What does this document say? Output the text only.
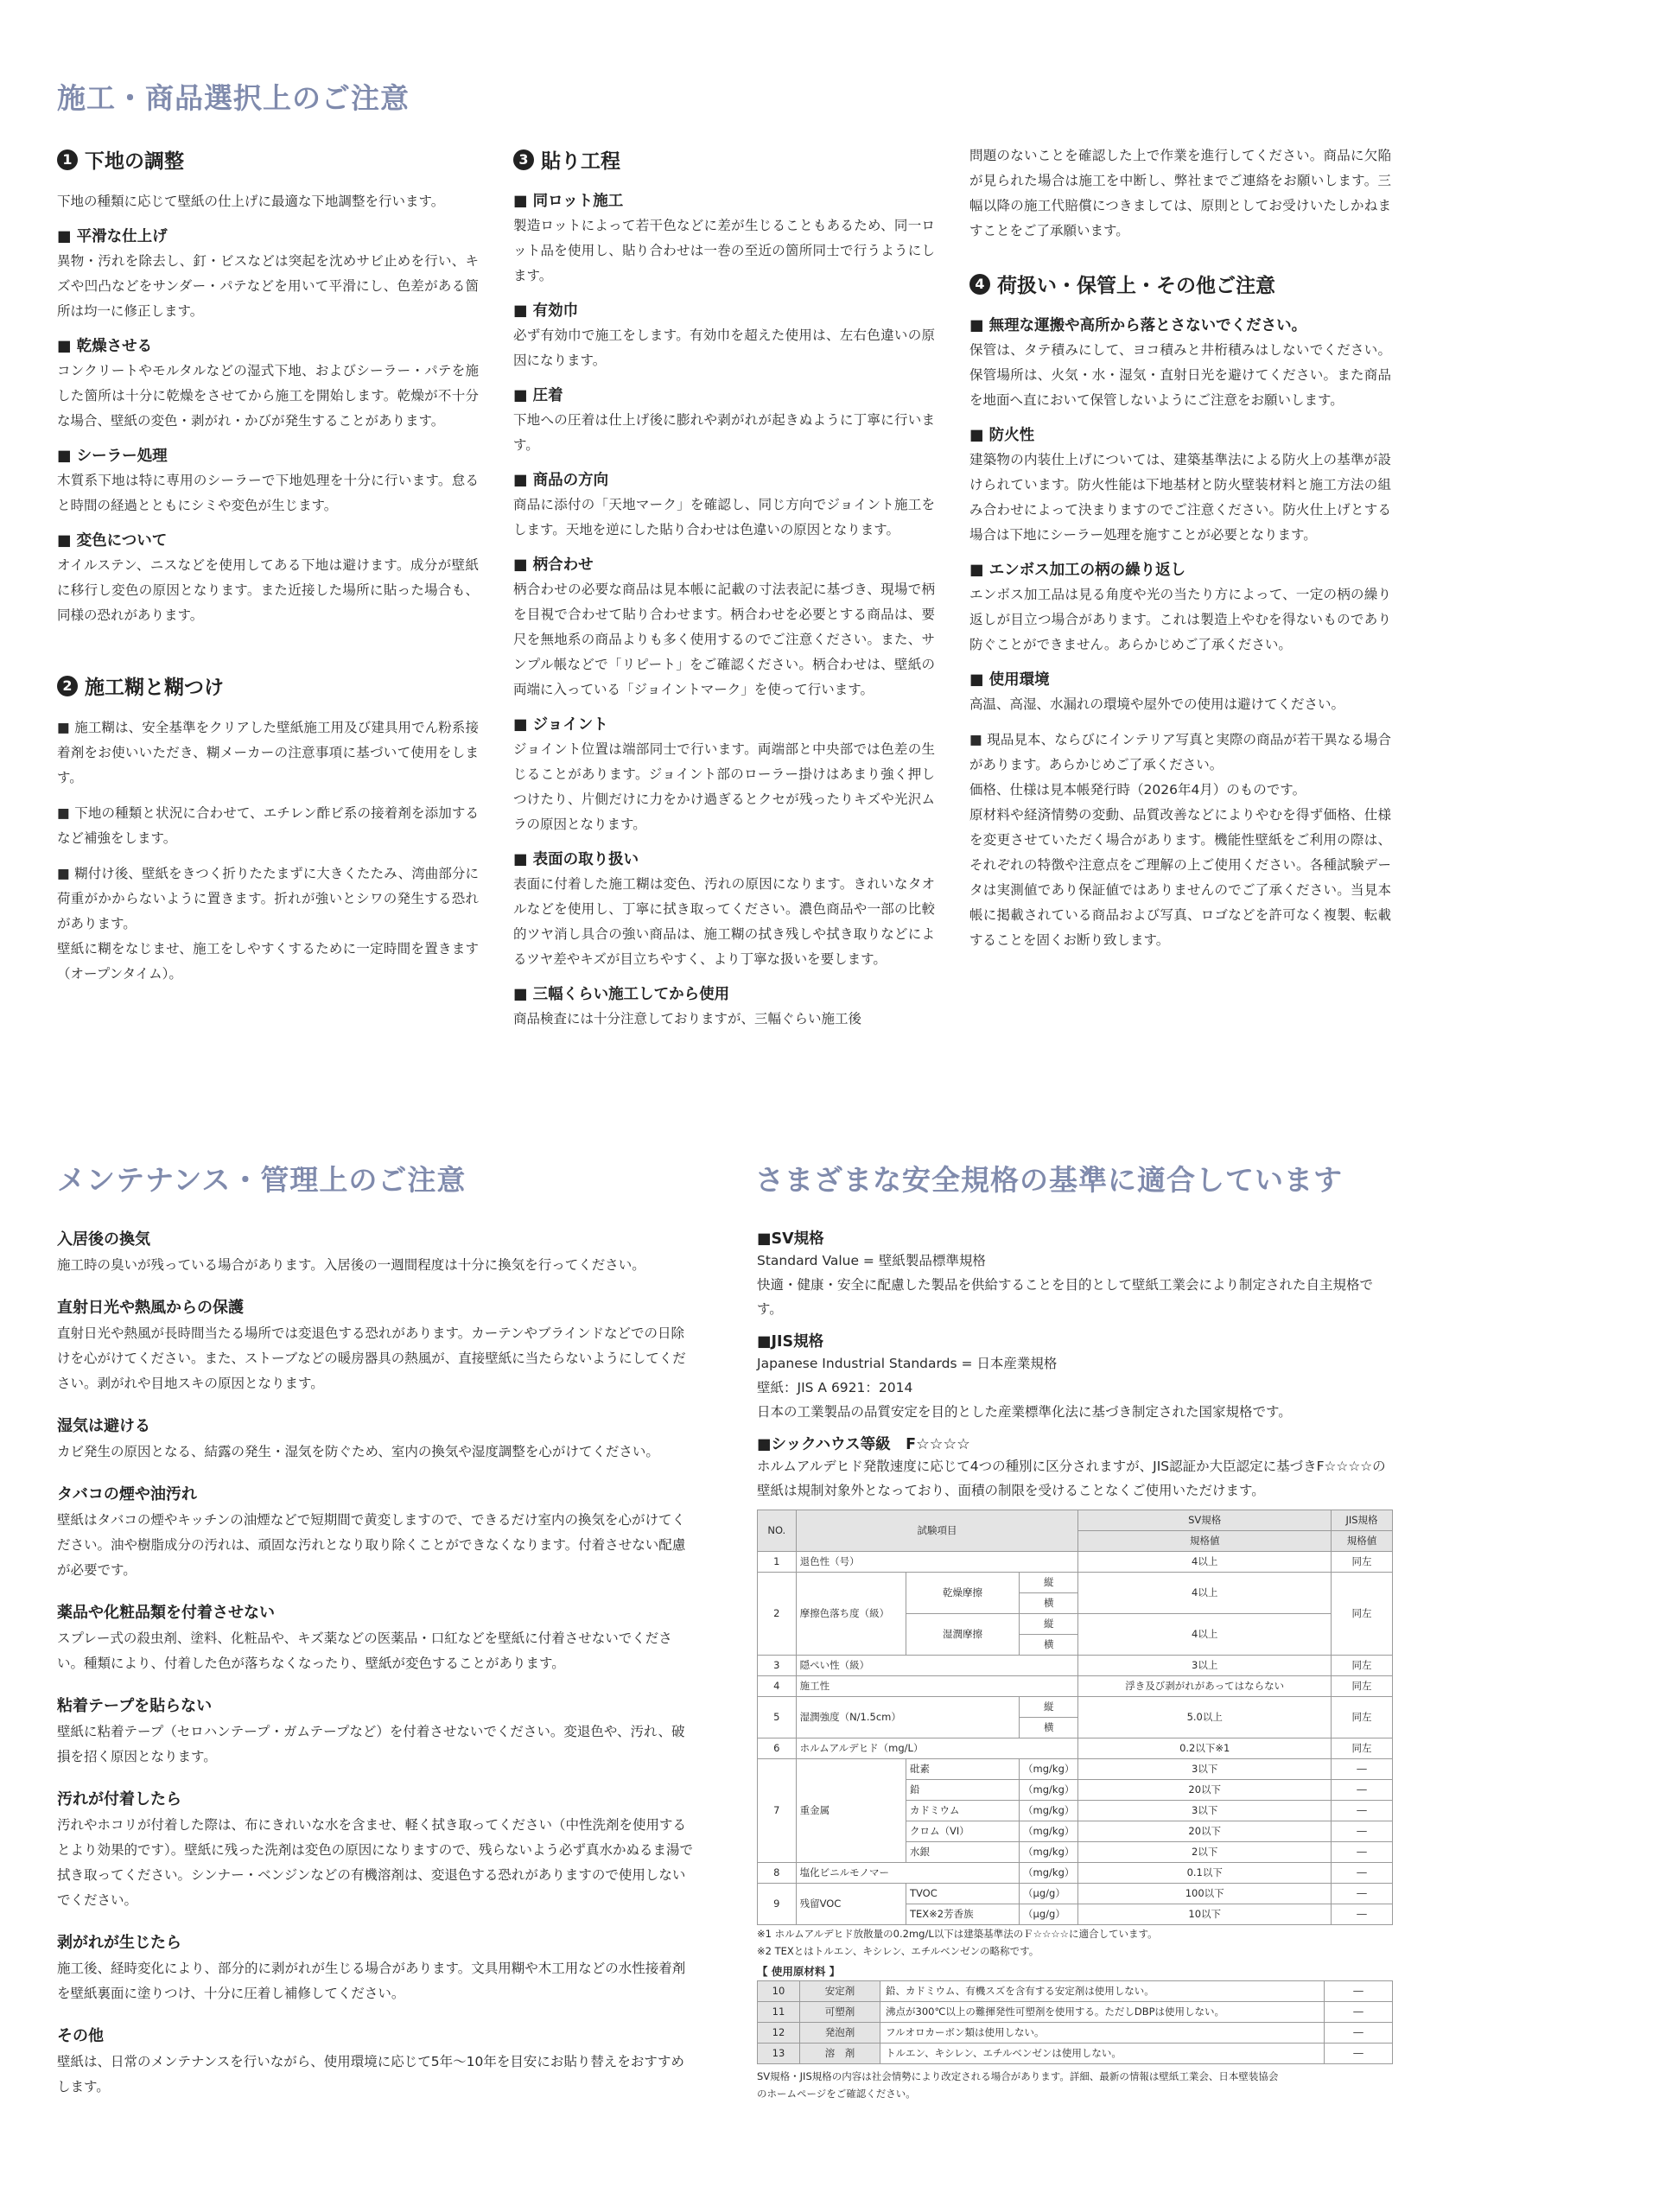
施工・商品選択上のご注意
1 下地の調整

下地の種類に応じて壁紙の仕上げに最適な下地調整を行います。

■ 平滑な仕上げ

異物・汚れを除去し、釘・ビスなどは突起を沈めサビ止めを行い、キズや凹凸などをサンダー・パテなどを用いて平滑にし、色差がある箇所は均一に修正します。

■ 乾燥させる

コンクリートやモルタルなどの湿式下地、およびシーラー・パテを施した箇所は十分に乾燥をさせてから施工を開始します。乾燥が不十分な場合、壁紙の変色・剥がれ・かびが発生することがあります。

■ シーラー処理

木質系下地は特に専用のシーラーで下地処理を十分に行います。怠ると時間の経過とともにシミや変色が生じます。

■ 変色について

オイルステン、ニスなどを使用してある下地は避けます。成分が壁紙に移行し変色の原因となります。また近接した場所に貼った場合も、同様の恐れがあります。

2 施工糊と糊つけ

■ 施工糊は、安全基準をクリアした壁紙施工用及び建具用でん粉系接着剤をお使いいただき、糊メーカーの注意事項に基づいて使用をします。

■ 下地の種類と状況に合わせて、エチレン酢ビ系の接着剤を添加するなど補強をします。

■ 糊付け後、壁紙をきつく折りたたまずに大きくたたみ、湾曲部分に荷重がかからないように置きます。折れが強いとシワの発生する恐れがあります。

壁紙に糊をなじませ、施工をしやすくするために一定時間を置きます（オープンタイム）。

3 貼り工程
■ 同ロット施工

製造ロットによって若干色などに差が生じることもあるため、同一ロット品を使用し、貼り合わせは一巻の至近の箇所同士で行うようにします。

■ 有効巾

必ず有効巾で施工をします。有効巾を超えた使用は、左右色違いの原因になります。

■ 圧着

下地への圧着は仕上げ後に膨れや剥がれが起きぬように丁寧に行います。

■ 商品の方向

商品に添付の「天地マーク」を確認し、同じ方向でジョイント施工をします。天地を逆にした貼り合わせは色違いの原因となります。

■ 柄合わせ

柄合わせの必要な商品は見本帳に記載の寸法表記に基づき、現場で柄を目視で合わせて貼り合わせます。柄合わせを必要とする商品は、要尺を無地系の商品よりも多く使用するのでご注意ください。また、サンプル帳などで「リピート」をご確認ください。柄合わせは、壁紙の両端に入っている「ジョイントマーク」を使って行います。

■ ジョイント

ジョイント位置は端部同士で行います。両端部と中央部では色差の生じることがあります。ジョイント部のローラー掛けはあまり強く押しつけたり、片側だけに力をかけ過ぎるとクセが残ったりキズや光沢ムラの原因となります。

■ 表面の取り扱い

表面に付着した施工糊は変色、汚れの原因になります。きれいなタオルなどを使用し、丁寧に拭き取ってください。濃色商品や一部の比較的ツヤ消し具合の強い商品は、施工糊の拭き残しや拭き取りなどによるツヤ差やキズが目立ちやすく、より丁寧な扱いを要します。

■ 三幅くらい施工してから使用

商品検査には十分注意しておりますが、三幅ぐらい施工後

問題のないことを確認した上で作業を進行してください。商品に欠陥が見られた場合は施工を中断し、弊社までご連絡をお願いします。三幅以降の施工代賠償につきましては、原則としてお受けいたしかねますことをご了承願います。

4 荷扱い・保管上・その他ご注意
■ 無理な運搬や高所から落とさないでください。

保管は、タテ積みにして、ヨコ積みと井桁積みはしないでください。保管場所は、火気・水・湿気・直射日光を避けてください。また商品を地面へ直において保管しないようにご注意をお願いします。

■ 防火性

建築物の内装仕上げについては、建築基準法による防火上の基準が設けられています。防火性能は下地基材と防火壁装材料と施工方法の組み合わせによって決まりますのでご注意ください。防火仕上げとする場合は下地にシーラー処理を施すことが必要となります。

■ エンボス加工の柄の繰り返し

エンボス加工品は見る角度や光の当たり方によって、一定の柄の繰り返しが目立つ場合があります。これは製造上やむを得ないものであり防ぐことができません。あらかじめご了承ください。

■ 使用環境

高温、高湿、水漏れの環境や屋外での使用は避けてください。

■ 現品見本、ならびにインテリア写真と実際の商品が若干異なる場合があります。あらかじめご了承ください。

価格、仕様は見本帳発行時（2026年4月）のものです。

原材料や経済情勢の変動、品質改善などによりやむを得ず価格、仕様を変更させていただく場合があります。機能性壁紙をご利用の際は、それぞれの特徴や注意点をご理解の上ご使用ください。各種試験データは実測値であり保証値ではありませんのでご了承ください。当見本帳に掲載されている商品および写真、ロゴなどを許可なく複製、転載することを固くお断り致します。

メンテナンス・管理上のご注意
入居後の換気

施工時の臭いが残っている場合があります。入居後の一週間程度は十分に換気を行ってください。

直射日光や熱風からの保護

直射日光や熱風が長時間当たる場所では変退色する恐れがあります。カーテンやブラインドなどでの日除けを心がけてください。また、ストーブなどの暖房器具の熱風が、直接壁紙に当たらないようにしてください。剥がれや目地スキの原因となります。

湿気は避ける

カビ発生の原因となる、結露の発生・湿気を防ぐため、室内の換気や湿度調整を心がけてください。

タバコの煙や油汚れ

壁紙はタバコの煙やキッチンの油煙などで短期間で黄変しますので、できるだけ室内の換気を心がけてください。油や樹脂成分の汚れは、頑固な汚れとなり取り除くことができなくなります。付着させない配慮が必要です。

薬品や化粧品類を付着させない

スプレー式の殺虫剤、塗料、化粧品や、キズ薬などの医薬品・口紅などを壁紙に付着させないでください。種類により、付着した色が落ちなくなったり、壁紙が変色することがあります。

粘着テープを貼らない

壁紙に粘着テープ（セロハンテープ・ガムテープなど）を付着させないでください。変退色や、汚れ、破損を招く原因となります。

汚れが付着したら

汚れやホコリが付着した際は、布にきれいな水を含ませ、軽く拭き取ってください（中性洗剤を使用するとより効果的です）。壁紙に残った洗剤は変色の原因になりますので、残らないよう必ず真水かぬるま湯で拭き取ってください。シンナー・ベンジンなどの有機溶剤は、変退色する恐れがありますので使用しないでください。

剥がれが生じたら

施工後、経時変化により、部分的に剥がれが生じる場合があります。文具用糊や木工用などの水性接着剤を壁紙裏面に塗りつけ、十分に圧着し補修してください。

その他

壁紙は、日常のメンテナンスを行いながら、使用環境に応じて5年〜10年を目安にお貼り替えをおすすめします。

さまざまな安全規格の基準に適合しています

■SV規格

Standard Value = 壁紙製品標準規格

快適・健康・安全に配慮した製品を供給することを目的として壁紙工業会により制定された自主規格です。

■JIS規格

Japanese Industrial Standards = 日本産業規格

壁紙：JIS A 6921：2014

日本の工業製品の品質安定を目的とした産業標準化法に基づき制定された国家規格です。

■シックハウス等級　F☆☆☆☆

ホルムアルデヒド発散速度に応じて4つの種別に区分されますが、JIS認証か大臣認定に基づきF☆☆☆☆の壁紙は規制対象外となっており、面積の制限を受けることなくご使用いただけます。

NO.	試験項目			SV規格	JIS規格
				規格値	規格値
1	退色性（号）			4以上	同左
2	摩擦色落ち度（級）	乾燥摩擦	縦	4以上	同左
			横		
		湿潤摩擦	縦	4以上	
			横		
3	隠ぺい性（級）			3以上	同左
4	施工性			浮き及び剥がれがあってはならない	同左
5	湿潤強度（N/1.5cm）		縦	5.0以上	同左
			横		
6	ホルムアルデヒド（mg/L）			0.2以下※1	同左
7	重金属	砒素	（mg/kg）	3以下	―
		鉛	（mg/kg）	20以下	―
		カドミウム	（mg/kg）	3以下	―
		クロム（VI）	（mg/kg）	20以下	―
		水銀	（mg/kg）	2以下	―
8	塩化ビニルモノマー		（mg/kg）	0.1以下	―
9	残留VOC	TVOC	（μg/g）	100以下	―
		TEX※2芳香族	（μg/g）	10以下	―

※1 ホルムアルデヒド放散量の0.2mg/L以下は建築基準法のＦ☆☆☆☆に適合しています。

※2 TEXとはトルエン、キシレン、エチルベンゼンの略称です。

【 使用原材料 】

10	安定剤	鉛、カドミウム、有機スズを含有する安定剤は使用しない。	―
11	可塑剤	沸点が300℃以上の難揮発性可塑剤を使用する。ただしDBPは使用しない。	―
12	発泡剤	フルオロカーボン類は使用しない。	―
13	溶　剤	トルエン、キシレン、エチルベンゼンは使用しない。	―

SV規格・JIS規格の内容は社会情勢により改定される場合があります。詳細、最新の情報は壁紙工業会、日本壁装協会

のホームページをご確認ください。
